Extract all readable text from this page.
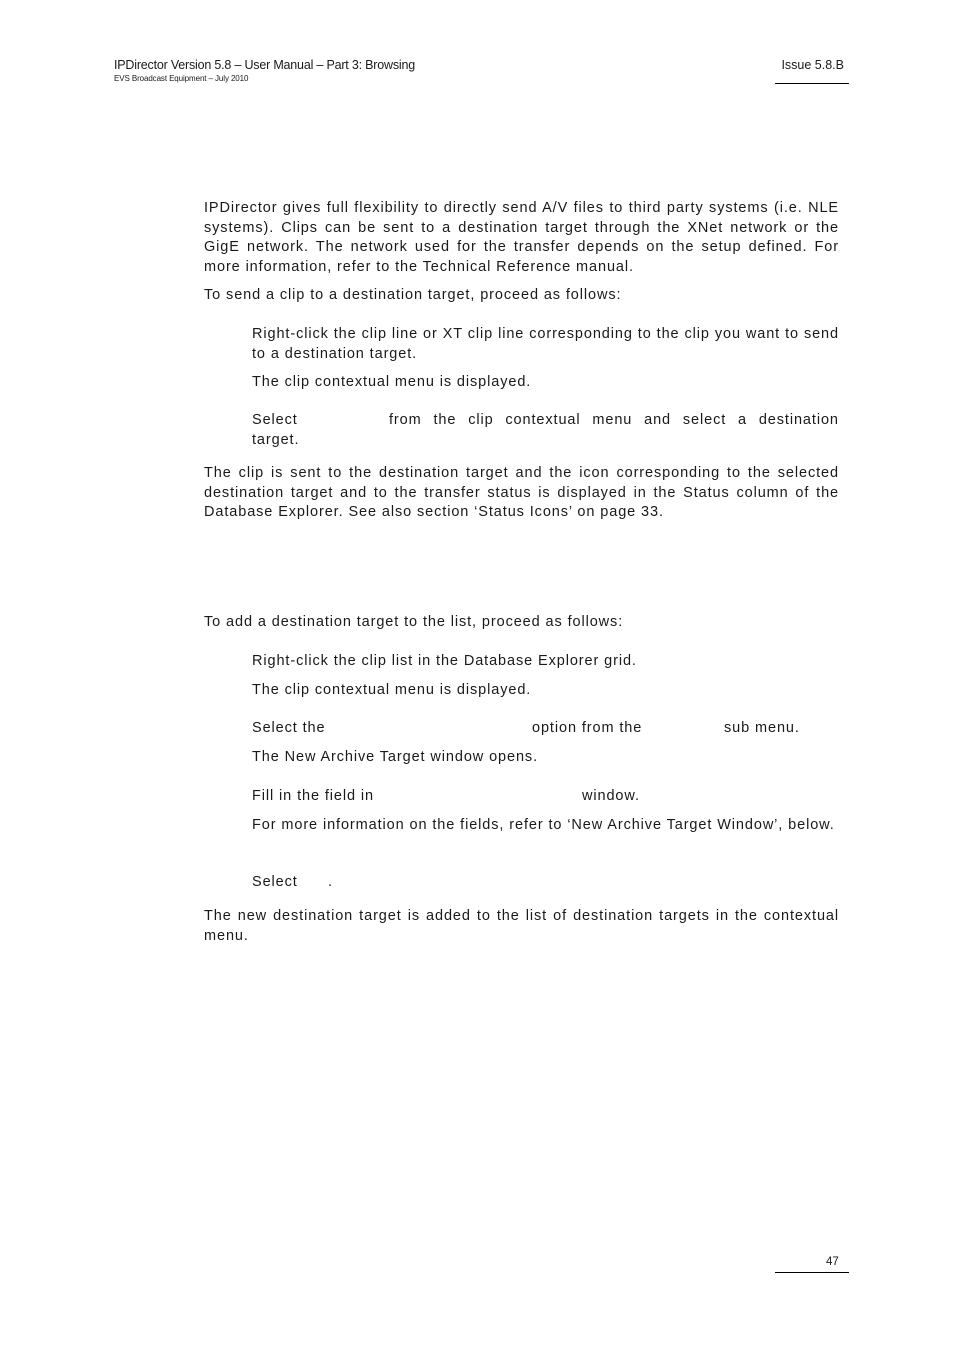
IPDirector Version 5.8 – User Manual – Part 3: Browsing
EVS Broadcast Equipment – July 2010
Issue 5.8.B
IPDirector gives full flexibility to directly send A/V files to third party systems (i.e. NLE systems). Clips can be sent to a destination target through the XNet network or the GigE network. The network used for the transfer depends on the setup defined. For more information, refer to the Technical Reference manual.
To send a clip to a destination target, proceed as follows:
Right-click the clip line or XT clip line corresponding to the clip you want to send to a destination target.
The clip contextual menu is displayed.
Select	from the clip contextual menu and select a destination
target.
The clip is sent to the destination target and the icon corresponding to the selected destination target and to the transfer status is displayed in the Status column of the Database Explorer. See also section ‘Status Icons’ on page 33.
To add a destination target to the list, proceed as follows:
Right-click the clip list in the Database Explorer grid.
The clip contextual menu is displayed.
Select the	option from the	sub menu.
The New Archive Target window opens.
Fill in the field in	window.
For more information on the fields, refer to ‘New Archive Target Window’, below.
Select .
The new destination target is added to the list of destination targets in the contextual menu.
47
